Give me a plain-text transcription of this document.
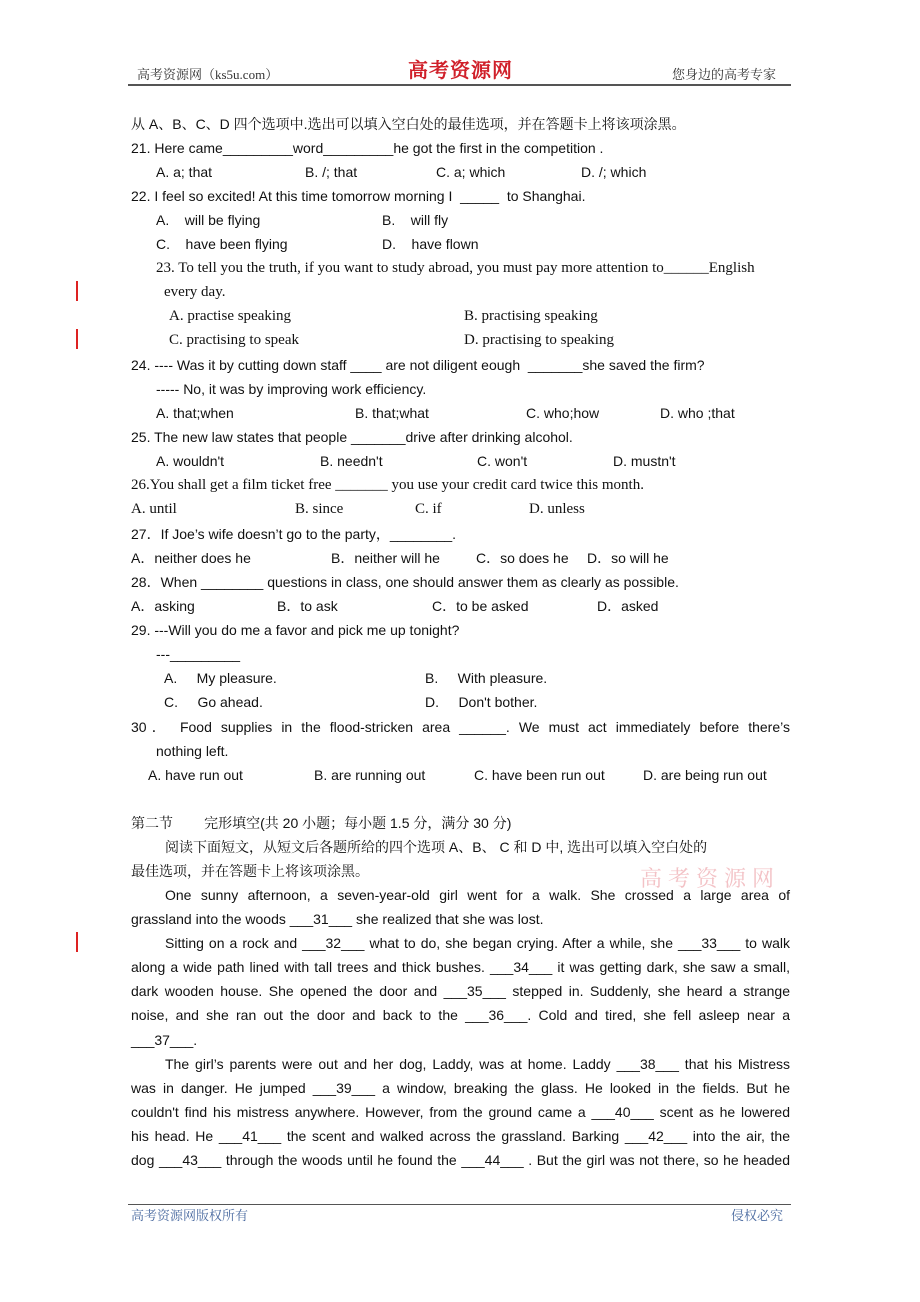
高考资源网（ks5u.com）	高考资源网	您身边的高考专家
从 A、B、C、D 四个选项中.选出可以填入空白处的最佳选项，并在答题卡上将该项涂黑。
21. Here came_________word_________he got the first in the competition .
A. a; that	B. /; that	C. a; which	D. /; which
22. I feel so excited! At this time tomorrow morning I  _____  to Shanghai.
A.    will be flying	B.    will fly
C.    have been flying	D.    have flown
23. To tell you the truth, if you want to study abroad, you must pay more attention to______English
every day.
A. practise speaking	B. practising speaking
C. practising to speak	D. practising to speaking
24. ---- Was it by cutting down staff ____ are not diligent eough  _______she saved the firm?
----- No, it was by improving work efficiency.
A. that;when	B. that;what	C. who;how	D. who ;that
25. The new law states that people _______drive after drinking alcohol.
A. wouldn't	B. needn't	C. won't	D. mustn't
26.You shall get a film ticket free _______ you use your credit card twice this month.
A. until	B. since	C. if	D. unless
27．If Joe’s wife doesn’t go to the party，________.
A．neither does he	B．neither will he	C．so does he D．so will he
28．When ________ questions in class, one should answer them as clearly as possible.
A．asking	B．to ask	C．to be asked	D．asked
29. ---Will you do me a favor and pick me up tonight?
---_________
A.     My pleasure.	B.     With pleasure.
C.     Go ahead.	D.     Don't bother.
30． Food supplies in the flood-stricken area ______. We must act immediately before there’s
nothing left.
A. have run out	B. are running out	C. have been run out	D. are being run out
第二节        完形填空(共 20 小题；每小题 1.5 分，满分 30 分)
阅读下面短文，从短文后各题所给的四个选项 A、B、 C 和 D 中, 选出可以填入空白处的
最佳选项，并在答题卡上将该项涂黑。	高考资源网
One sunny afternoon, a seven-year-old girl went for a walk. She crossed a large area of
grassland into the woods ___31___ she realized that she was lost.
Sitting on a rock and ___32___ what to do, she began crying. After a while, she ___33___ to walk
along a wide path lined with tall trees and thick bushes. ___34___ it was getting dark, she saw a small,
dark wooden house. She opened the door and ___35___ stepped in. Suddenly, she heard a strange
noise, and she ran out the door and back to the ___36___. Cold and tired, she fell asleep near a
___37___.
The girl’s parents were out and her dog, Laddy, was at home. Laddy ___38___ that his Mistress
was in danger. He jumped ___39___ a window, breaking the glass. He looked in the fields. But he
couldn't find his mistress anywhere. However, from the ground came a ___40___ scent as he lowered
his head. He ___41___ the scent and walked across the grassland. Barking ___42___ into the air, the
dog ___43___ through the woods until he found the ___44___ . But the girl was not there, so he headed
高考资源网版权所有	侵权必究
